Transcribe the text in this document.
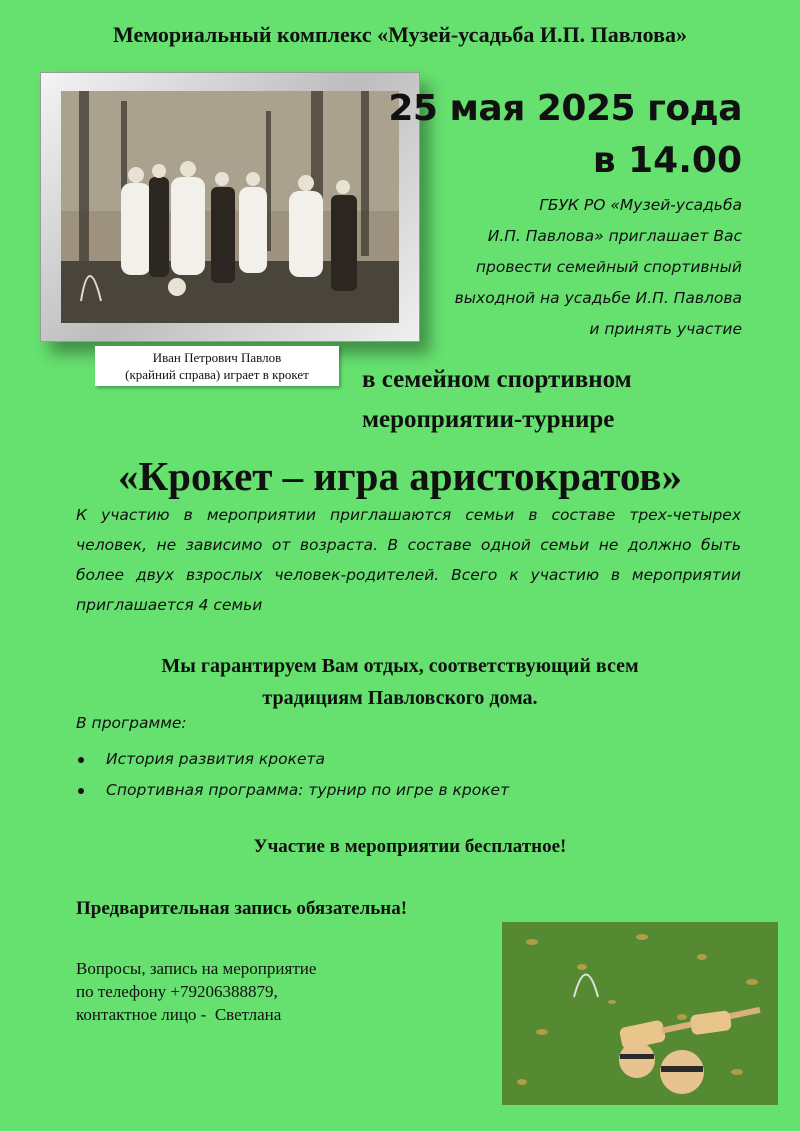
Мемориальный комплекс «Музей-усадьба И.П. Павлова»
Иван Петрович Павлов
(крайний справа) играет в крокет
25 мая 2025 года
в 14.00
ГБУК РО «Музей-усадьба
И.П. Павлова» приглашает Вас
провести семейный спортивный
выходной на усадьбе И.П. Павлова
и принять участие
в семейном спортивном
мероприятии-турнире
«Крокет – игра аристократов»
К участию в мероприятии приглашаются семьи в составе трех-четырех человек, не зависимо от возраста. В составе одной семьи не должно быть более двух взрослых человек-родителей. Всего к участию в мероприятии приглашается 4 семьи
Мы гарантируем Вам отдых, соответствующий всем
традициям Павловского дома.
В программе:
История развития крокета
Спортивная программа: турнир по игре в крокет
Участие в мероприятии бесплатное!
Предварительная запись обязательна!
Вопросы, запись на мероприятие
по телефону +79206388879,
контактное лицо -  Светлана
